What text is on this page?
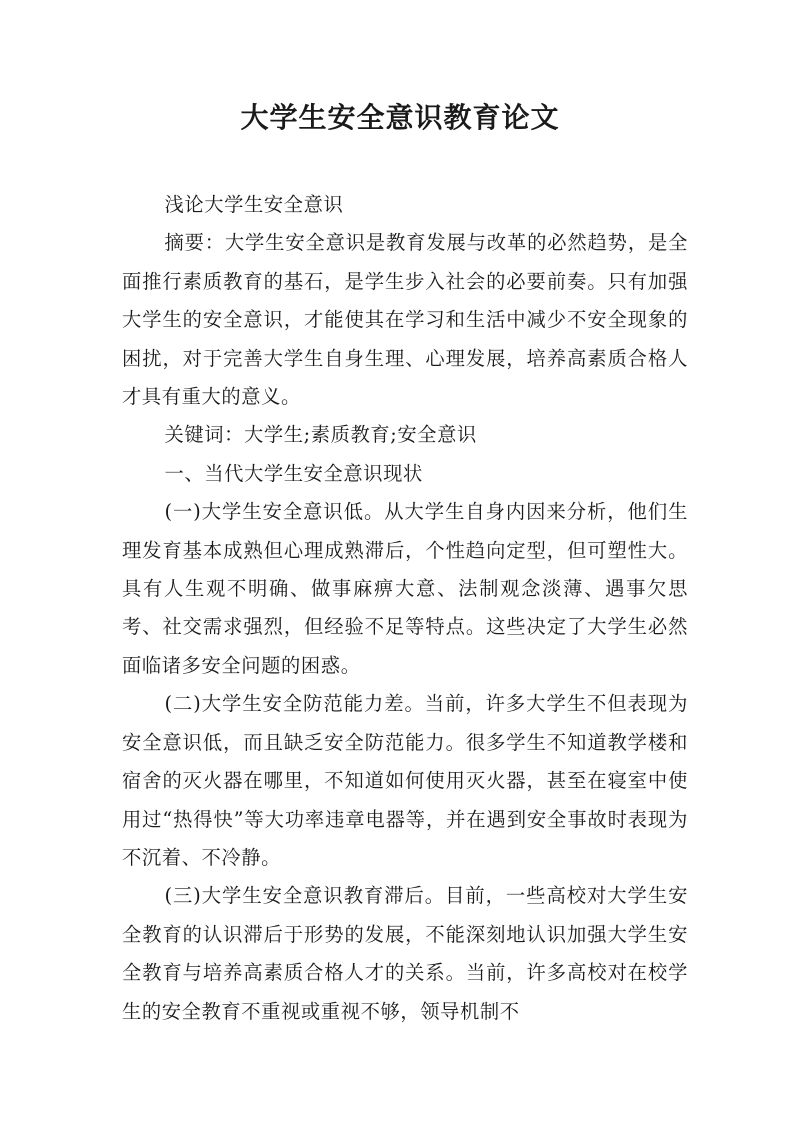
大学生安全意识教育论文

浅论大学生安全意识

摘要：大学生安全意识是教育发展与改革的必然趋势，是全面推行素质教育的基石，是学生步入社会的必要前奏。只有加强大学生的安全意识，才能使其在学习和生活中减少不安全现象的困扰，对于完善大学生自身生理、心理发展，培养高素质合格人才具有重大的意义。

关键词：大学生;素质教育;安全意识

一、当代大学生安全意识现状

(一)大学生安全意识低。从大学生自身内因来分析，他们生理发育基本成熟但心理成熟滞后，个性趋向定型，但可塑性大。具有人生观不明确、做事麻痹大意、法制观念淡薄、遇事欠思考、社交需求强烈，但经验不足等特点。这些决定了大学生必然面临诸多安全问题的困惑。

(二)大学生安全防范能力差。当前，许多大学生不但表现为安全意识低，而且缺乏安全防范能力。很多学生不知道教学楼和宿舍的灭火器在哪里，不知道如何使用灭火器，甚至在寝室中使用过“热得快”等大功率违章电器等，并在遇到安全事故时表现为不沉着、不冷静。

(三)大学生安全意识教育滞后。目前，一些高校对大学生安全教育的认识滞后于形势的发展，不能深刻地认识加强大学生安全教育与培养高素质合格人才的关系。当前，许多高校对在校学生的安全教育不重视或重视不够，领导机制不
